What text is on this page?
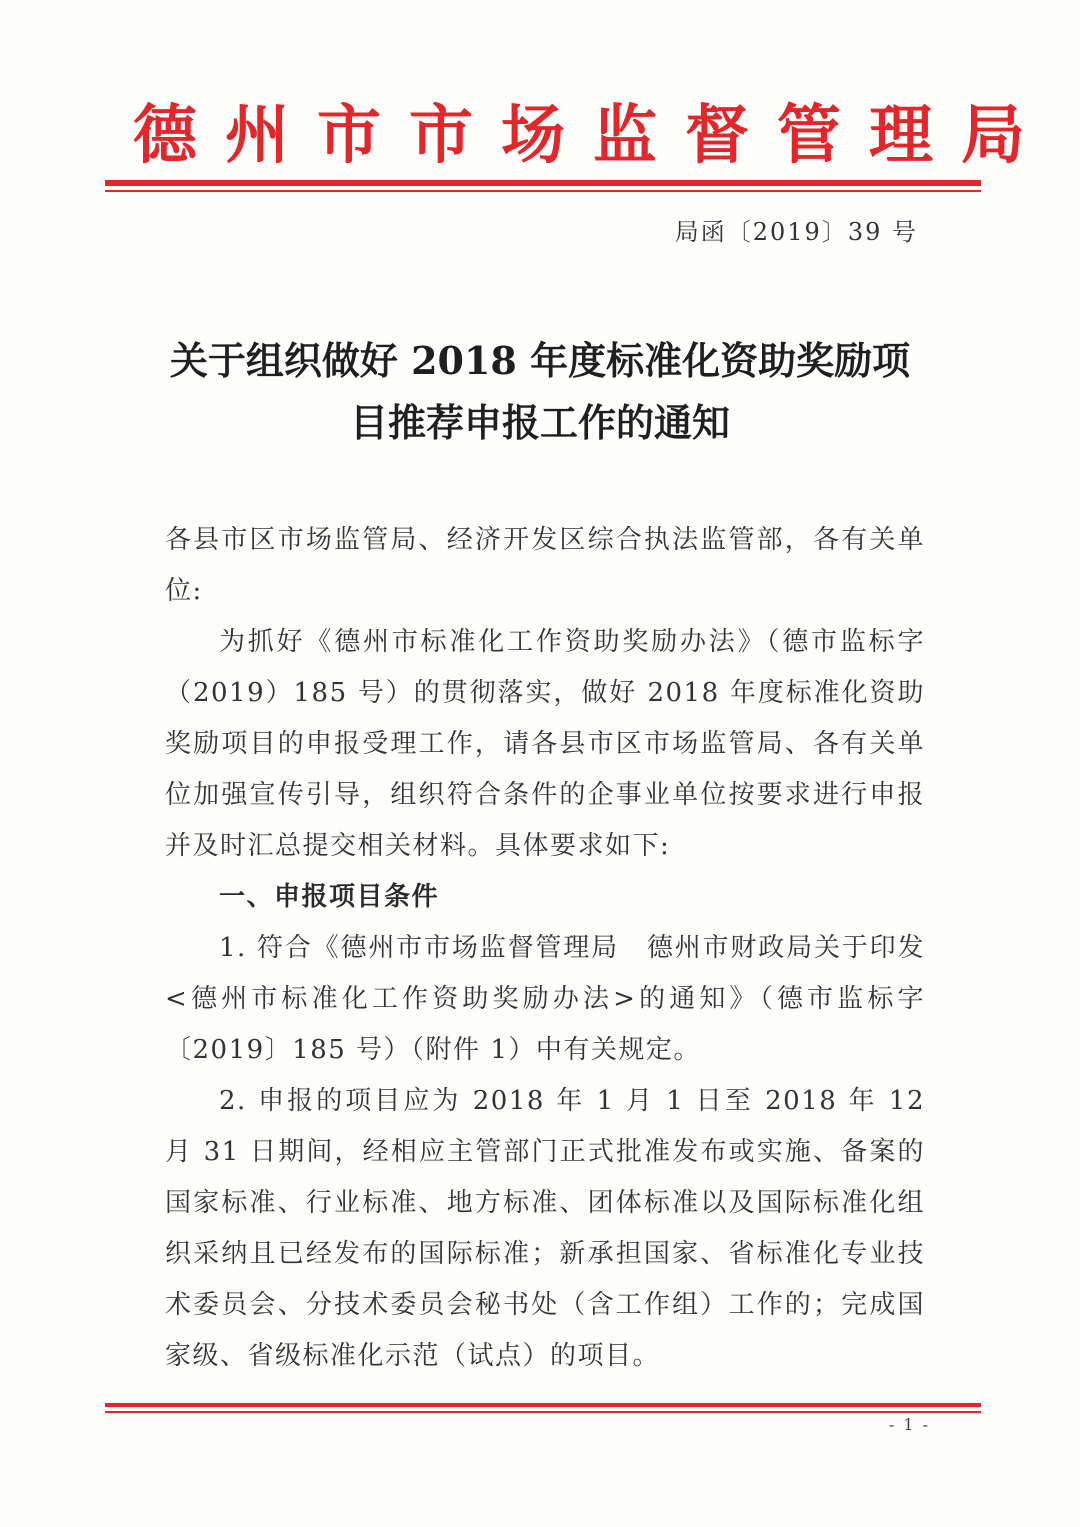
德州市市场监督管理局
局函〔2019〕39 号
关于组织做好 2018 年度标准化资助奖励项
目推荐申报工作的通知

各县市区市场监管局、经济开发区综合执法监管部，各有关单位:

为抓好《德州市标准化工作资助奖励办法》（德市监标字（2019）185 号）的贯彻落实，做好 2018 年度标准化资助奖励项目的申报受理工作，请各县市区市场监管局、各有关单位加强宣传引导，组织符合条件的企事业单位按要求进行申报并及时汇总提交相关材料。具体要求如下:

一、申报项目条件

1. 符合《德州市市场监督管理局　德州市财政局关于印发<德州市标准化工作资助奖励办法>的通知》（德市监标字〔2019〕185 号）（附件 1）中有关规定。

2. 申报的项目应为 2018 年 1 月 1 日至 2018 年 12 月 31 日期间，经相应主管部门正式批准发布或实施、备案的国家标准、行业标准、地方标准、团体标准以及国际标准化组织采纳且已经发布的国际标准；新承担国家、省标准化专业技术委员会、分技术委员会秘书处（含工作组）工作的；完成国家级、省级标准化示范（试点）的项目。

- 1 -
